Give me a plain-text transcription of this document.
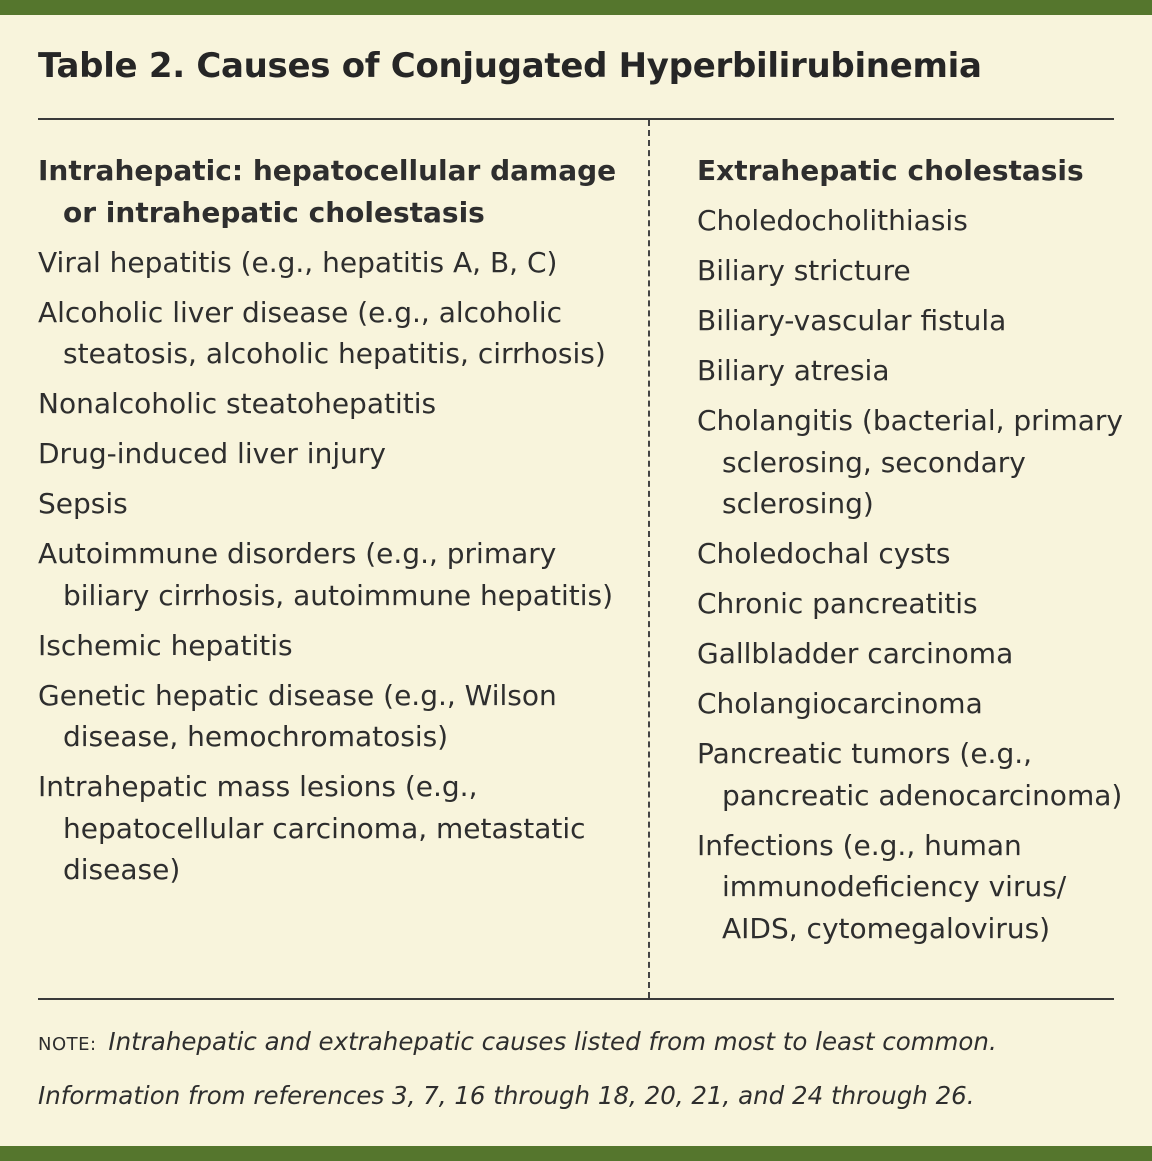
Table 2. Causes of Conjugated Hyperbilirubinemia
Intrahepatic: hepatocellular damage or intrahepatic cholestasis
Viral hepatitis (e.g., hepatitis A, B, C)
Alcoholic liver disease (e.g., alcoholic steatosis, alcoholic hepatitis, cirrhosis)
Nonalcoholic steatohepatitis
Drug-induced liver injury
Sepsis
Autoimmune disorders (e.g., primary biliary cirrhosis, autoimmune hepatitis)
Ischemic hepatitis
Genetic hepatic disease (e.g., Wilson disease, hemochromatosis)
Intrahepatic mass lesions (e.g., hepatocellular carcinoma, metastatic disease)
Extrahepatic cholestasis
Choledocholithiasis
Biliary stricture
Biliary-vascular fistula
Biliary atresia
Cholangitis (bacterial, primary sclerosing, secondary sclerosing)
Choledochal cysts
Chronic pancreatitis
Gallbladder carcinoma
Cholangiocarcinoma
Pancreatic tumors (e.g., pancreatic adenocarcinoma)
Infections (e.g., human immunodeficiency virus/ AIDS, cytomegalovirus)
NOTE: Intrahepatic and extrahepatic causes listed from most to least common.
Information from references 3, 7, 16 through 18, 20, 21, and 24 through 26.
